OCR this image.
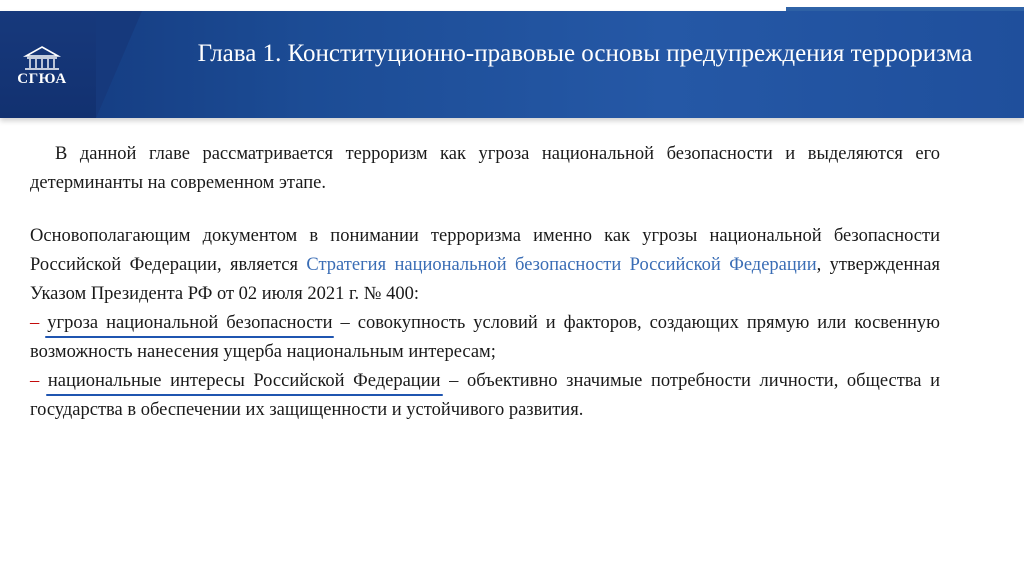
СГЮА
Глава 1. Конституционно-правовые основы предупреждения терроризма

В данной главе рассматривается терроризм как угроза национальной безопасности и выделяются его детерминанты на современном этапе.

Основополагающим документом в понимании терроризма именно как угрозы национальной безопасности Российской Федерации, является Стратегия национальной безопасности Российской Федерации, утвержденная Указом Президента РФ от 02 июля 2021 г. № 400:

– угроза национальной безопасности – совокупность условий и факторов, создающих прямую или косвенную возможность нанесения ущерба национальным интересам;

– национальные интересы Российской Федерации – объективно значимые потребности личности, общества и государства в обеспечении их защищенности и устойчивого развития.
